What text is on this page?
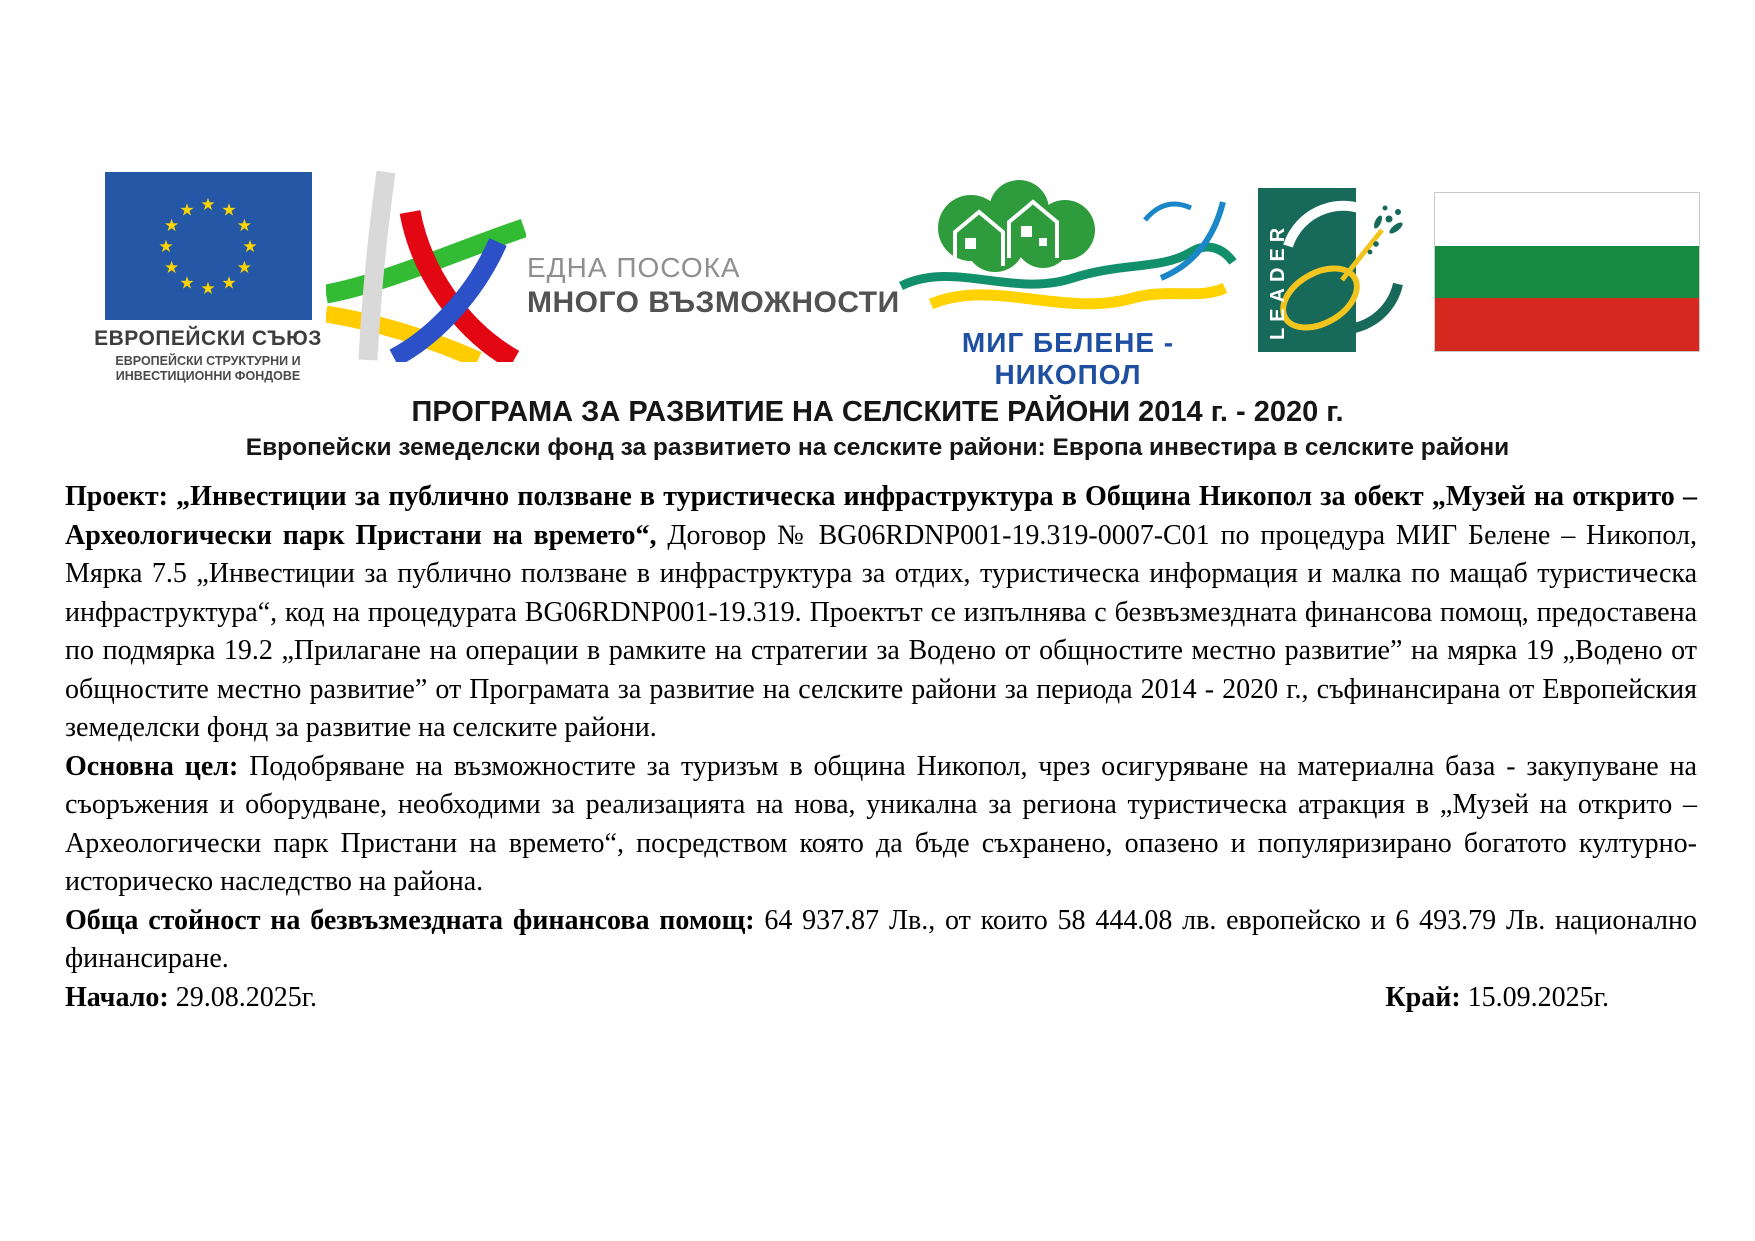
★ ★
★
★
★
★
★
★
★
★
★
★
ЕВРОПЕЙСКИ СЪЮЗ
ЕВРОПЕЙСКИ СТРУКТУРНИ И
ИНВЕСТИЦИОННИ ФОНДОВЕ
ЕДНА ПОСОКА
МНОГО ВЪЗМОЖНОСТИ
МИГ БЕЛЕНЕ - НИКОПОЛ
LEADER
ПРОГРАМА ЗА РАЗВИТИЕ НА СЕЛСКИТЕ РАЙОНИ 2014 г. - 2020 г.
Европейски земеделски фонд за развитието на селските райони: Европа инвестира в селските райони

Проект: „Инвестиции за публично ползване в туристическа инфраструктура в Община Никопол за обект „Музей на открито – Археологически парк Пристани на времето“, Договор № BG06RDNP001-19.319-0007-С01 по процедура МИГ Белене – Никопол, Мярка 7.5 „Инвестиции за публично ползване в инфраструктура за отдих, туристическа информация и малка по мащаб туристическа инфраструктура“, код на процедурата BG06RDNP001-19.319. Проектът се изпълнява с безвъзмездната финансова помощ, предоставена по подмярка 19.2 „Прилагане на операции в рамките на стратегии за Водено от общностите местно развитие” на мярка 19 „Водено от общностите местно развитие” от Програмата за развитие на селските райони за периода 2014 - 2020 г., съфинансирана от Европейския земеделски фонд за развитие на селските райони.

Основна цел: Подобряване на възможностите за туризъм в община Никопол, чрез осигуряване на материална база - закупуване на съоръжения и оборудване, необходими за реализацията на нова, уникална за региона туристическа атракция в „Музей на открито – Археологически парк Пристани на времето“, посредством която да бъде съхранено, опазено и популяризирано богатото културно-историческо наследство на района.

Обща стойност на безвъзмездната финансова помощ: 64 937.87 Лв., от които 58 444.08 лв. европейско и 6 493.79 Лв. национално финансиране.

Начало: 29.08.2025г.	Край: 15.09.2025г.
